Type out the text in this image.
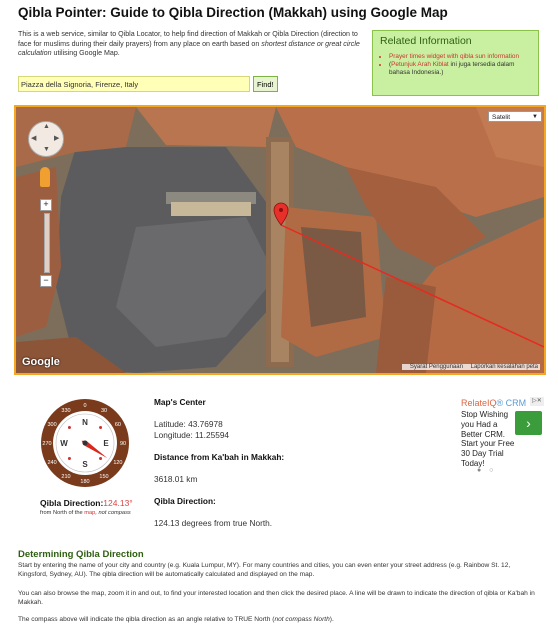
Qibla Pointer: Guide to Qibla Direction (Makkah) using Google Map
This is a web service, similar to Qibla Locator, to help find direction of Makkah or Qibla Direction (direction to face for muslims during their daily prayers) from any place on earth based on shortest distance or great circle calculation utilising Google Map.
Piazza della Signoria, Firenze, Italy
Find!
Related Information
• Prayer times widget with qibla sun information
• (Petunjuk Arah Kiblat ini juga tersedia dalam bahasa Indonesia.)
Satelit	▼
▲
▼
◀	▶
+
−
Google	Syarat Penggunaan Laporkan kesalahan peta
0
30
60
90
120
150
180
210
240
270
300
330
N
E
S
W
Qibla Direction:124.13°
from North of the map, not compass
Map's Center
Latitude: 43.76978
Longitude: 11.25594
Distance from Ka'bah in Makkah:
3618.01 km
Qibla Direction:
124.13 degrees from true North.
RelateIQ® CRM	▷✕
Stop Wishing you Had a Better CRM. Start your Free 30 Day Trial Today!
›
● ○
Determining Qibla Direction
Start by entering the name of your city and country (e.g. Kuala Lumpur, MY). For many countries and cities, you can even enter your street address (e.g. Rainbow St. 12, Kingsford, Sydney, AU). The qibla direction will be automatically calculated and displayed on the map.
You can also browse the map, zoom it in and out, to find your interested location and then click the desired place. A line will be drawn to indicate the direction of qibla or Ka'bah in Makkah.
The compass above will indicate the qibla direction as an angle relative to TRUE North (not compass North).
